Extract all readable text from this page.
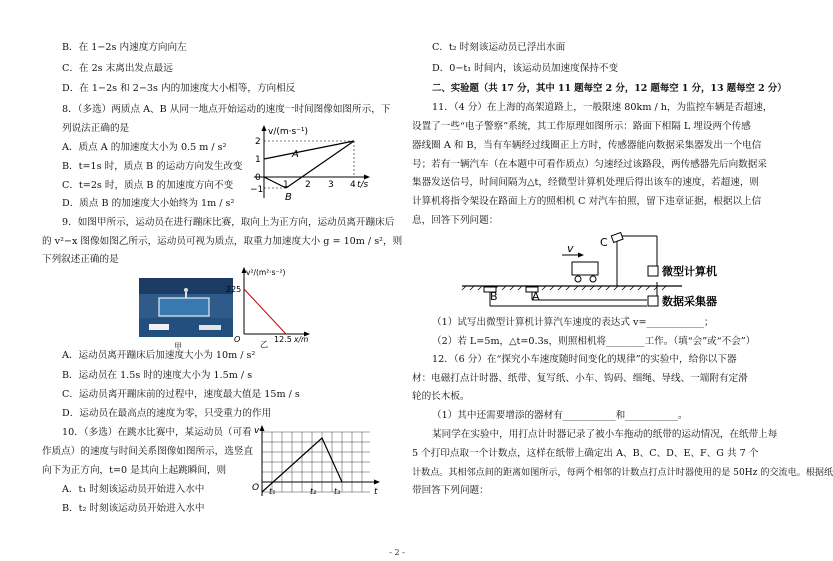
B．在 1−2s 内速度方向向左
C．在 2s 末离出发点最远
D．在 1−2s 和 2−3s 内的加速度大小相等，方向相反
8．（多选）两质点 A、B 从同一地点开始运动的速度一时间图像如图所示，下
列说法正确的是
A．质点 A 的加速度大小为 0.5 m / s²
B．t=1s 时，质点 B 的运动方向发生改变
C．t=2s 时，质点 B 的加速度方向不变
D．质点 B 的加速度大小始终为 1m / s²
v/(m·s⁻¹)
2
1
0
−1 1 2 3 4 t/s
A
B
9．如图甲所示，运动员在进行蹦床比赛，取向上为正方向，运动员离开蹦床后
的 v²−x 图像如图乙所示，运动员可视为质点，取重力加速度大小 g = 10m / s²，则
下列叙述正确的是
甲
v²/(m²·s⁻²)
225
O	12.5 x/m
乙
A．运动员离开蹦床后加速度大小为 10m / s²
B．运动员在 1.5s 时的速度大小为 1.5m / s
C．运动员离开蹦床前的过程中，速度最大值是 15m / s
D．运动员在最高点的速度为零，只受重力的作用
10．（多选）在跳水比赛中，某运动员（可看
作质点）的速度与时间关系图像如图所示，选竖直
向下为正方向，t=0 是其向上起跳瞬间，则
A．t₁ 时刻该运动员开始进入水中
B．t₂ 时刻该运动员开始进入水中
v
O t₁	t₂ t₃	t
C．t₂ 时刻该运动员已浮出水面
D．0−t₁ 时间内，该运动员加速度保持不变
二、实验题（共 17 分，其中 11 题每空 2 分，12 题每空 1 分，13 题每空 2 分）
11．（4 分）在上海的高架道路上，一般限速 80km / h，为监控车辆是否超速，
设置了一些“电子警察”系统，其工作原理如图所示：路面下相隔 L 埋设两个传感
器线圈 A 和 B，当有车辆经过线圈正上方时，传感器能向数据采集器发出一个电信
号；若有一辆汽车（在本题中可看作质点）匀速经过该路段，两传感器先后向数据采
集器发送信号，时间间隔为△t，经微型计算机处理后得出该车的速度，若超速，则
计算机将指令架设在路面上方的照相机 C 对汽车拍照，留下违章证据，根据以上信
息，回答下列问题：
v C
B	A
微型计算机
数据采集器
（1）试写出微型计算机计算汽车速度的表达式 v=____________；
（2）若 L=5m，△t=0.3s，则照相机将________工作。（填“会”或“不会”）
12．（6 分）在“探究小车速度随时间变化的规律”的实验中，给你以下器
材：电磁打点计时器、纸带、复写纸、小车、钩码、细绳、导线、一端附有定滑
轮的长木板。
（1）其中还需要增添的器材有___________和___________。
某同学在实验中，用打点计时器记录了被小车拖动的纸带的运动情况，在纸带上每
5 个打印点取一个计数点，这样在纸带上确定出 A、B、C、D、E、F、G 共 7 个
计数点。其相邻点间的距离如图所示，每两个相邻的计数点打点计时器使用的是 50Hz 的交流电。根据纸
带回答下列问题：
- 2 -
